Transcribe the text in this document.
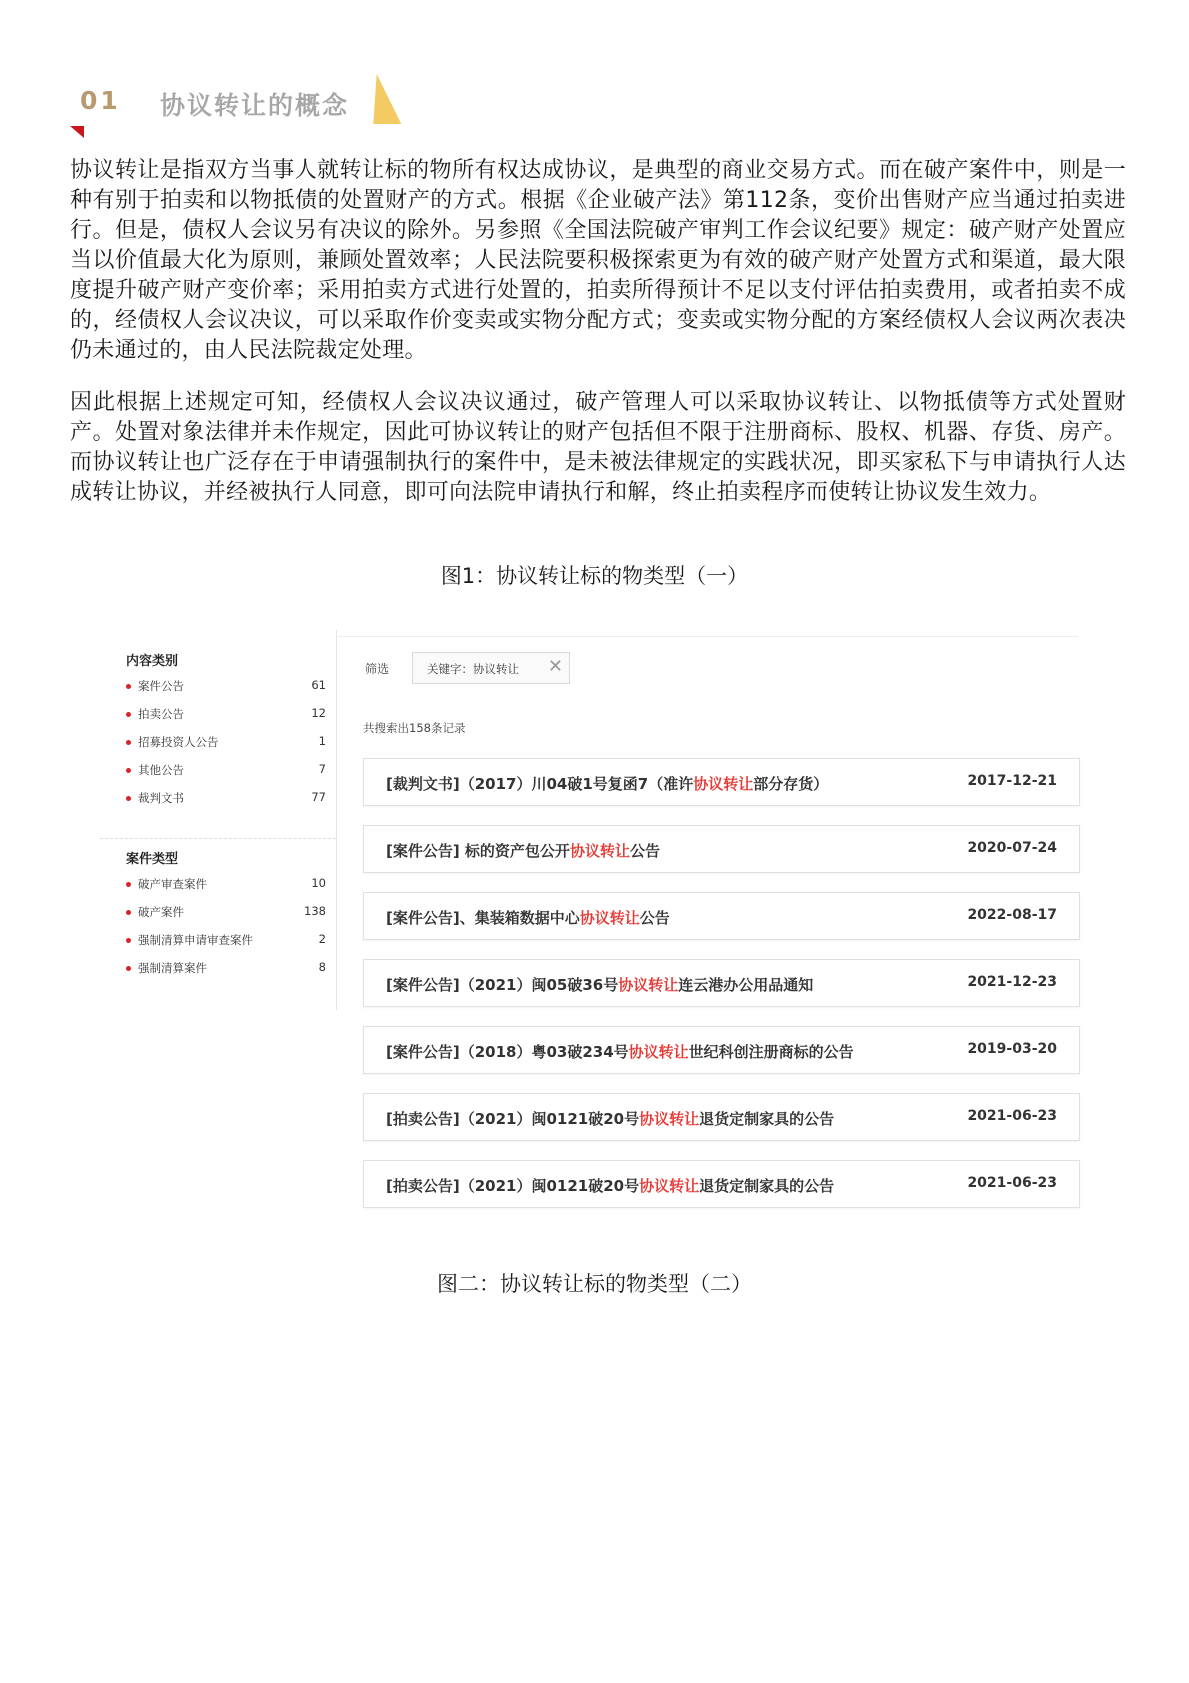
01 协议转让的概念

协议转让是指双方当事人就转让标的物所有权达成协议，是典型的商业交易方式。而在破产案件中，则是一种有别于拍卖和以物抵债的处置财产的方式。根据《企业破产法》第112条，变价出售财产应当通过拍卖进行。但是，债权人会议另有决议的除外。另参照《全国法院破产审判工作会议纪要》规定：破产财产处置应当以价值最大化为原则，兼顾处置效率；人民法院要积极探索更为有效的破产财产处置方式和渠道，最大限度提升破产财产变价率；采用拍卖方式进行处置的，拍卖所得预计不足以支付评估拍卖费用，或者拍卖不成的，经债权人会议决议，可以采取作价变卖或实物分配方式；变卖或实物分配的方案经债权人会议两次表决仍未通过的，由人民法院裁定处理。

因此根据上述规定可知，经债权人会议决议通过，破产管理人可以采取协议转让、以物抵债等方式处置财产。处置对象法律并未作规定，因此可协议转让的财产包括但不限于注册商标、股权、机器、存货、房产。而协议转让也广泛存在于申请强制执行的案件中，是未被法律规定的实践状况，即买家私下与申请执行人达成转让协议，并经被执行人同意，即可向法院申请执行和解，终止拍卖程序而使转让协议发生效力。

图1：协议转让标的物类型（一）
内容类别
案件公告	61
拍卖公告	12
招募投资人公告	1
其他公告	7
裁判文书	77
案件类型
破产审查案件	10
破产案件	138
强制清算申请审查案件	2
强制清算案件	8
筛选	关键字：协议转让 ✕
共搜索出158条记录
[裁判文书]（2017）川04破1号复函7（准许协议转让部分存货）	2017-12-21
[案件公告] 标的资产包公开协议转让公告	2020-07-24
[案件公告]、集装箱数据中心协议转让公告	2022-08-17
[案件公告]（2021）闽05破36号协议转让连云港办公用品通知	2021-12-23
[案件公告]（2018）粤03破234号协议转让世纪科创注册商标的公告	2019-03-20
[拍卖公告]（2021）闽0121破20号协议转让退货定制家具的公告	2021-06-23
[拍卖公告]（2021）闽0121破20号协议转让退货定制家具的公告	2021-06-23
图二：协议转让标的物类型（二）
